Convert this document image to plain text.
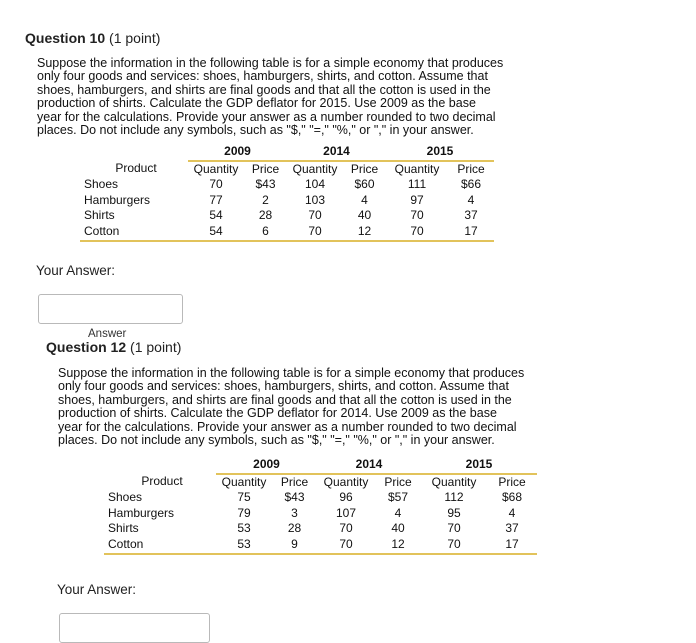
Question 10 (1 point)
Suppose the information in the following table is for a simple economy that produces
only four goods and services: shoes, hamburgers, shirts, and cotton. Assume that
shoes, hamburgers, and shirts are final goods and that all the cotton is used in the
production of shirts. Calculate the GDP deflator for 2015. Use 2009 as the base
year for the calculations. Provide your answer as a number rounded to two decimal
places. Do not include any symbols, such as "$," "=," "%," or "," in your answer.
	2009		2014		2015	
Product	Quantity	Price	Quantity	Price	Quantity	Price
Shoes	70	$43	104	$60	111	$66
Hamburgers	77	2	103	4	97	4
Shirts	54	28	70	40	70	37
Cotton	54	6	70	12	70	17
Your Answer:
Answer
Answer
Question 12 (1 point)
Suppose the information in the following table is for a simple economy that produces
only four goods and services: shoes, hamburgers, shirts, and cotton. Assume that
shoes, hamburgers, and shirts are final goods and that all the cotton is used in the
production of shirts. Calculate the GDP deflator for 2014. Use 2009 as the base
year for the calculations. Provide your answer as a number rounded to two decimal
places. Do not include any symbols, such as "$," "=," "%," or "," in your answer.
	2009		2014		2015	
Product	Quantity	Price	Quantity	Price	Quantity	Price
Shoes	75	$43	96	$57	112	$68
Hamburgers	79	3	107	4	95	4
Shirts	53	28	70	40	70	37
Cotton	53	9	70	12	70	17
Your Answer:
Answer
